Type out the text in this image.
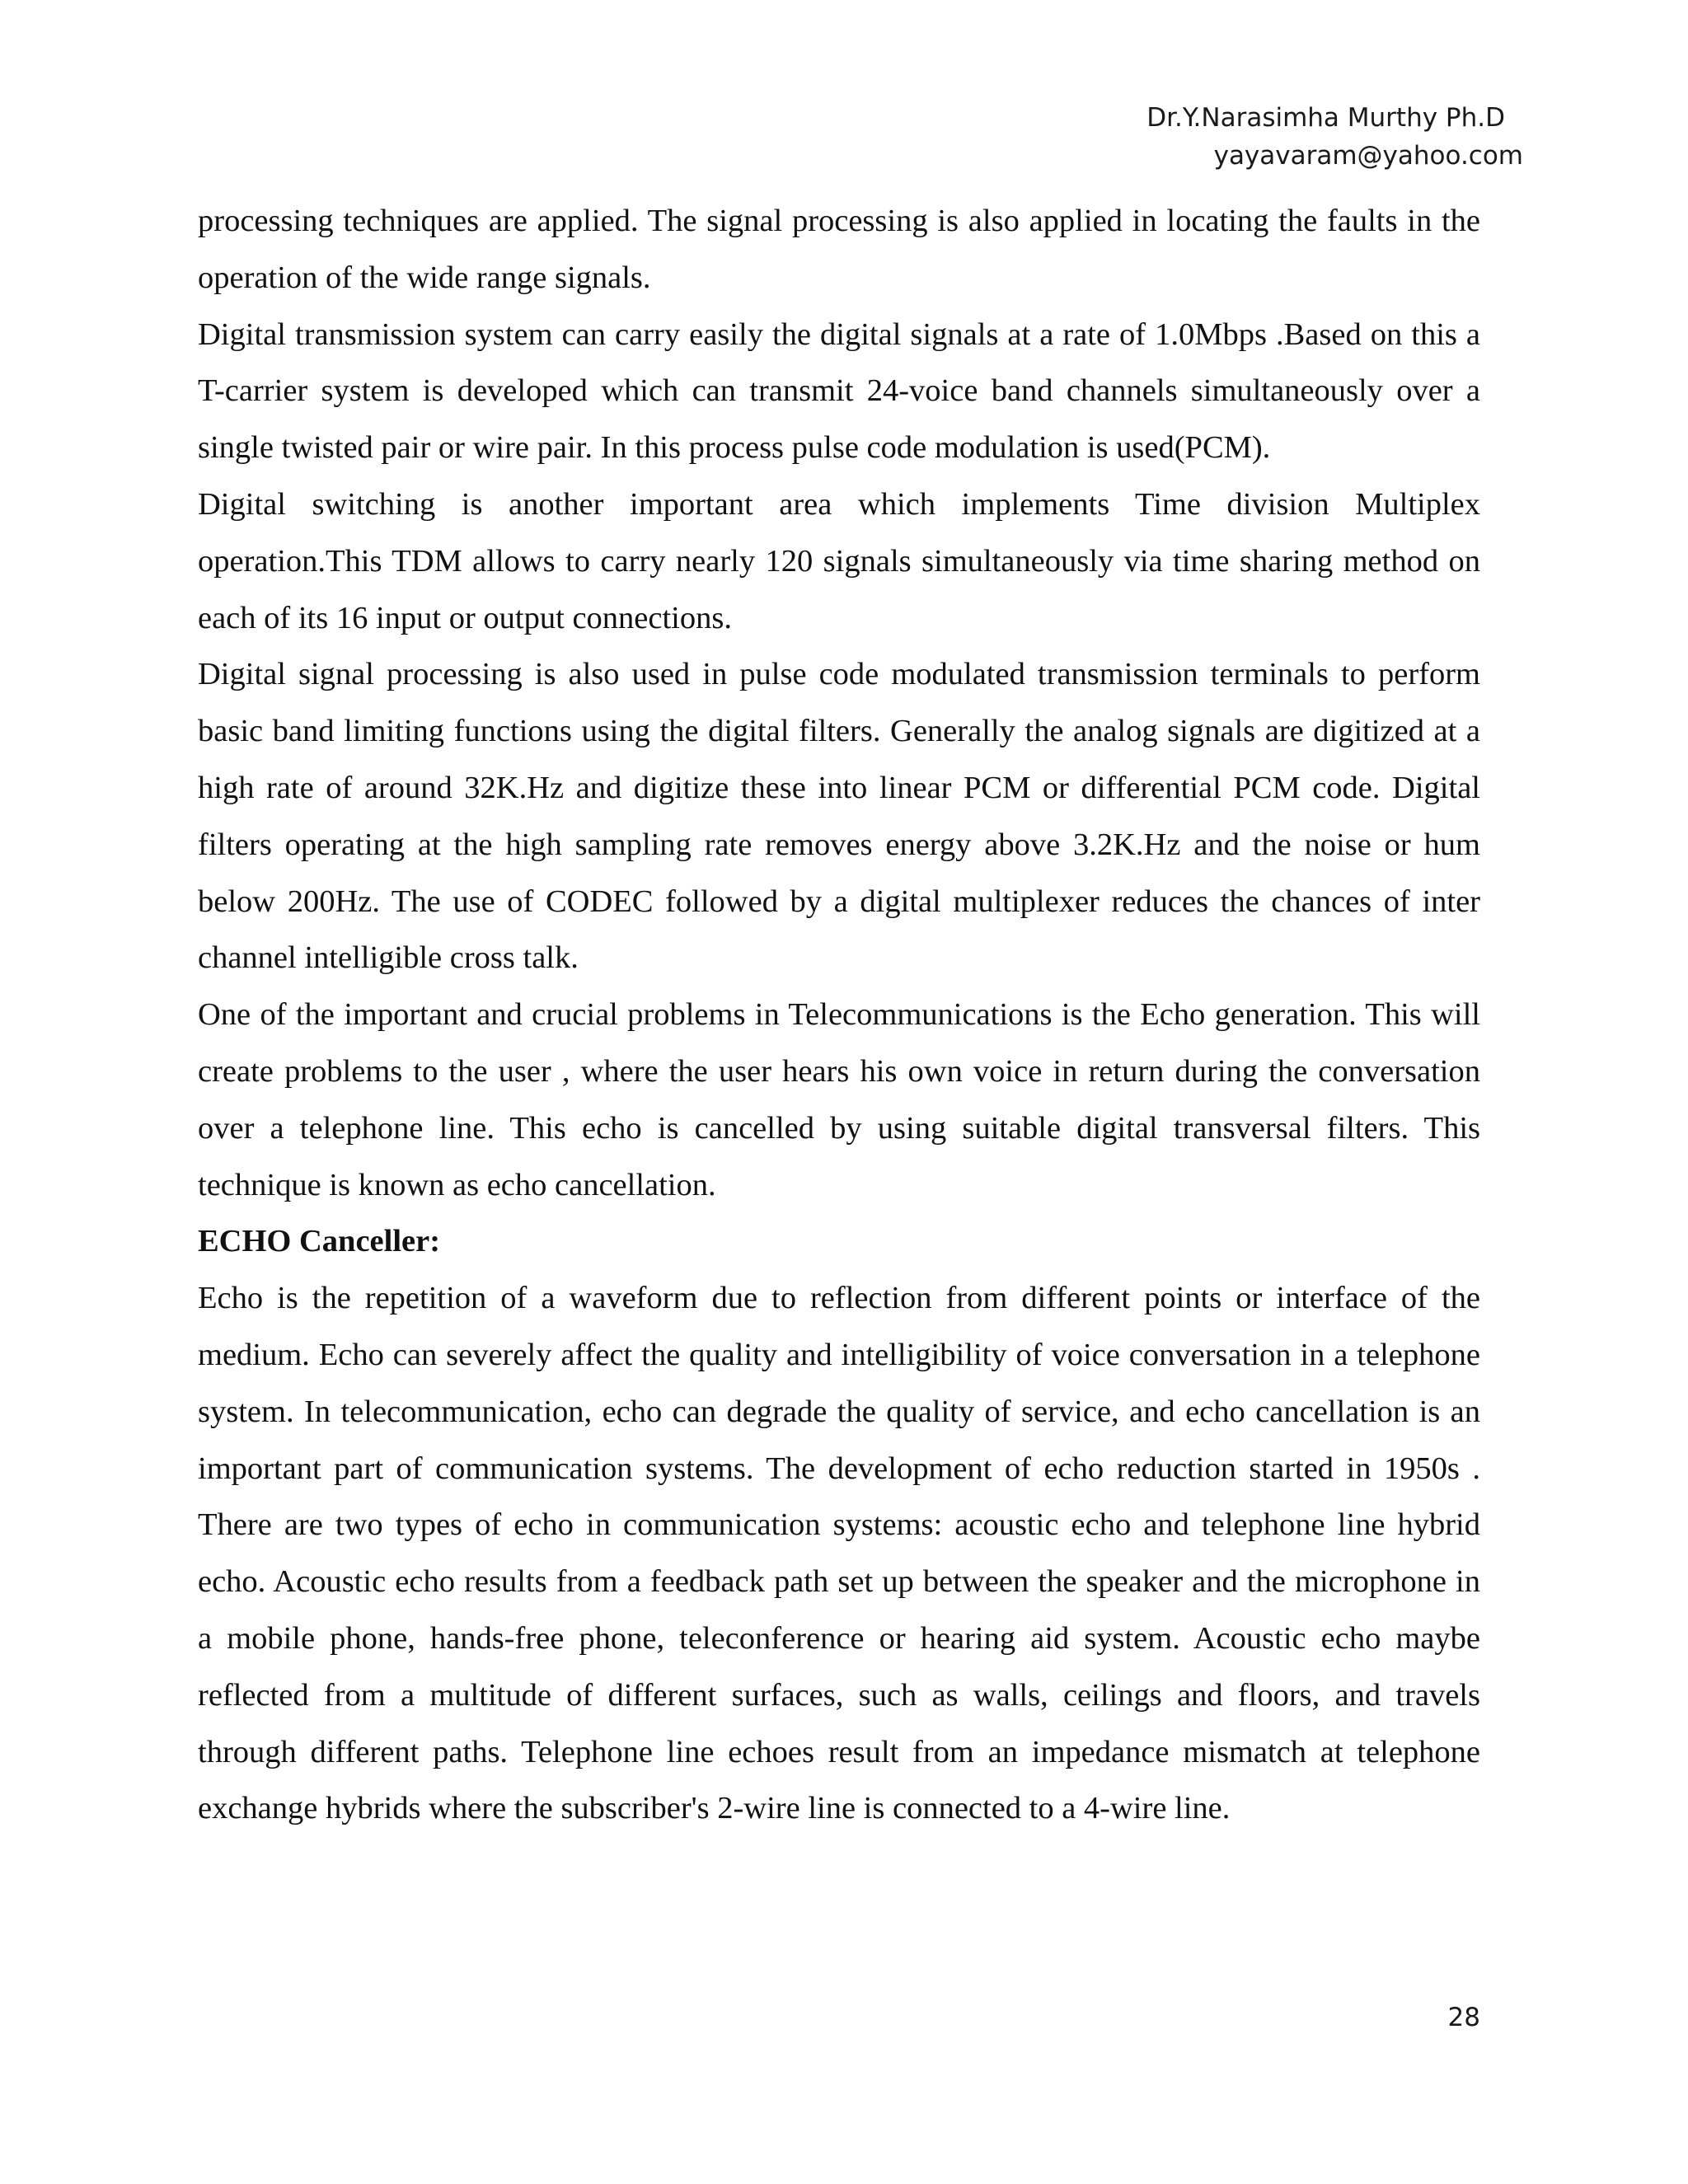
Dr.Y.Narasimha Murthy Ph.D
yayavaram@yahoo.com

processing techniques are applied. The signal processing is also applied in locating the faults in the operation of the wide range signals.

Digital transmission system can carry easily the digital signals at a rate of 1.0Mbps .Based on this a T-carrier system is developed which can transmit 24-voice band channels simultaneously over a single twisted pair or wire pair. In this process pulse code modulation is used(PCM).

Digital switching is another important area which implements Time division Multiplex operation.This TDM allows to carry nearly 120 signals simultaneously via time sharing method on each of its 16 input or output connections.

Digital signal processing is also used in pulse code modulated transmission terminals to perform basic band limiting functions using the digital filters. Generally the analog signals are digitized at a high rate of around 32K.Hz and digitize these into linear PCM or differential PCM code. Digital filters operating at the high sampling rate removes energy above 3.2K.Hz and the noise or hum below 200Hz. The use of CODEC followed by a digital multiplexer reduces the chances of inter channel intelligible cross talk.

One of the important and crucial problems in Telecommunications is the Echo generation. This will create problems to the user , where the user hears his own voice in return during the conversation over a telephone line. This echo is cancelled by using suitable digital transversal filters. This technique is known as echo cancellation.

ECHO Canceller:

Echo is the repetition of a waveform due to reflection from different points or interface of the medium. Echo can severely affect the quality and intelligibility of voice conversation in a telephone system. In telecommunication, echo can degrade the quality of service, and echo cancellation is an important part of communication systems. The development of echo reduction started in 1950s . There are two types of echo in communication systems: acoustic echo and telephone line hybrid echo. Acoustic echo results from a feedback path set up between the speaker and the microphone in a mobile phone, hands-free phone, teleconference or hearing aid system. Acoustic echo maybe reflected from a multitude of different surfaces, such as walls, ceilings and floors, and travels through different paths. Telephone line echoes result from an impedance mismatch at telephone exchange hybrids where the subscriber's 2-wire line is connected to a 4-wire line.

28
